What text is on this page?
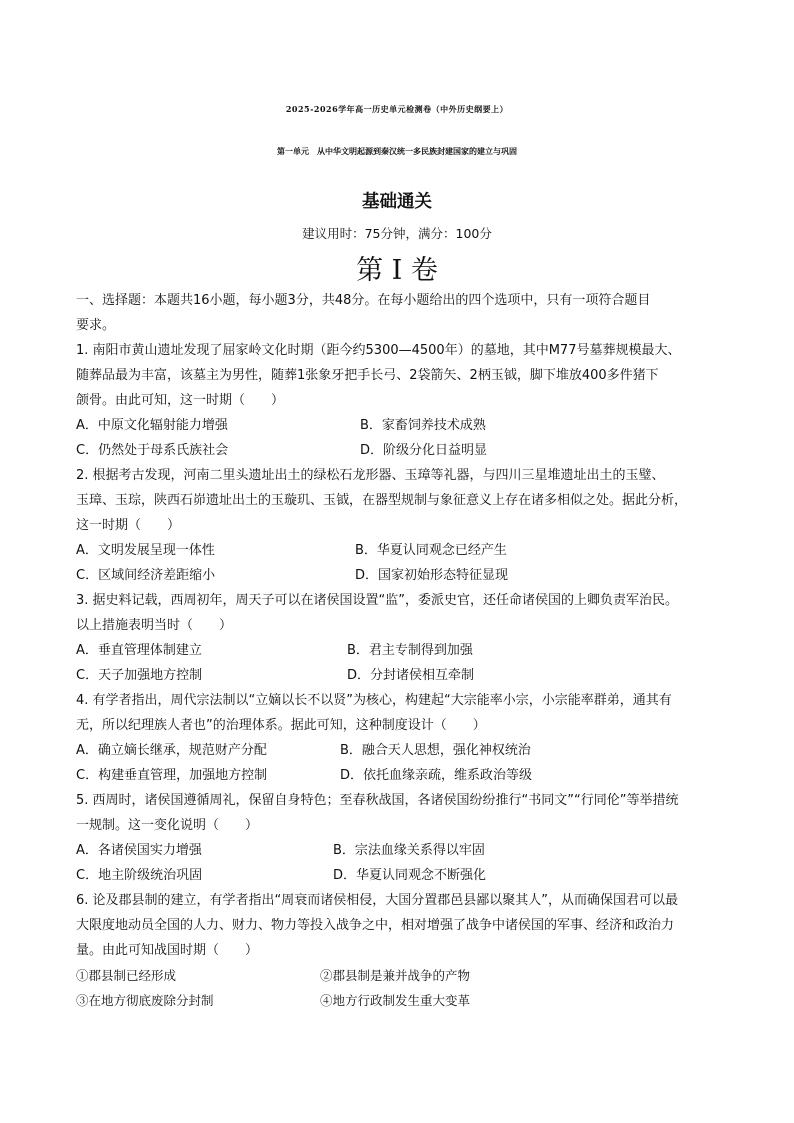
2025-2026学年高一历史单元检测卷（中外历史纲要上）
第一单元　从中华文明起源到秦汉统一多民族封建国家的建立与巩固
基础通关
建议用时：75分钟，满分：100分
第 I 卷
一、选择题：本题共16小题，每小题3分，共48分。在每小题给出的四个选项中，只有一项符合题目
要求。
1. 南阳市黄山遗址发现了屈家岭文化时期（距今约5300—4500年）的墓地，其中M77号墓葬规模最大、
随葬品最为丰富，该墓主为男性，随葬1张象牙把手长弓、2袋箭矢、2柄玉钺，脚下堆放400多件猪下
颌骨。由此可知，这一时期（　　）
A．中原文化辐射能力增强	B．家畜饲养技术成熟
C．仍然处于母系氏族社会	D．阶级分化日益明显
2. 根据考古发现，河南二里头遗址出土的绿松石龙形器、玉璋等礼器，与四川三星堆遗址出土的玉璧、
玉璋、玉琮，陕西石峁遗址出土的玉璇玑、玉钺，在器型规制与象征意义上存在诸多相似之处。据此分析，
这一时期（　　）
A．文明发展呈现一体性	B．华夏认同观念已经产生
C．区域间经济差距缩小	D．国家初始形态特征显现
3. 据史料记载，西周初年，周天子可以在诸侯国设置“监”，委派史官，还任命诸侯国的上卿负责军治民。
以上措施表明当时（　　）
A．垂直管理体制建立	B．君主专制得到加强
C．天子加强地方控制	D．分封诸侯相互牵制
4. 有学者指出，周代宗法制以“立嫡以长不以贤”为核心，构建起“大宗能率小宗，小宗能率群弟，通其有
无，所以纪理族人者也”的治理体系。据此可知，这种制度设计（　　）
A．确立嫡长继承，规范财产分配	B．融合天人思想，强化神权统治
C．构建垂直管理，加强地方控制	D．依托血缘亲疏，维系政治等级
5. 西周时，诸侯国遵循周礼，保留自身特色；至春秋战国，各诸侯国纷纷推行“书同文”“行同伦”等举措统
一规制。这一变化说明（　　）
A．各诸侯国实力增强	B．宗法血缘关系得以牢固
C．地主阶级统治巩固	D．华夏认同观念不断强化
6. 论及郡县制的建立，有学者指出“周衰而诸侯相侵，大国分置郡邑县鄙以聚其人”，从而确保国君可以最
大限度地动员全国的人力、财力、物力等投入战争之中，相对增强了战争中诸侯国的军事、经济和政治力
量。由此可知战国时期（　　）
①郡县制已经形成	②郡县制是兼并战争的产物
③在地方彻底废除分封制	④地方行政制发生重大变革
